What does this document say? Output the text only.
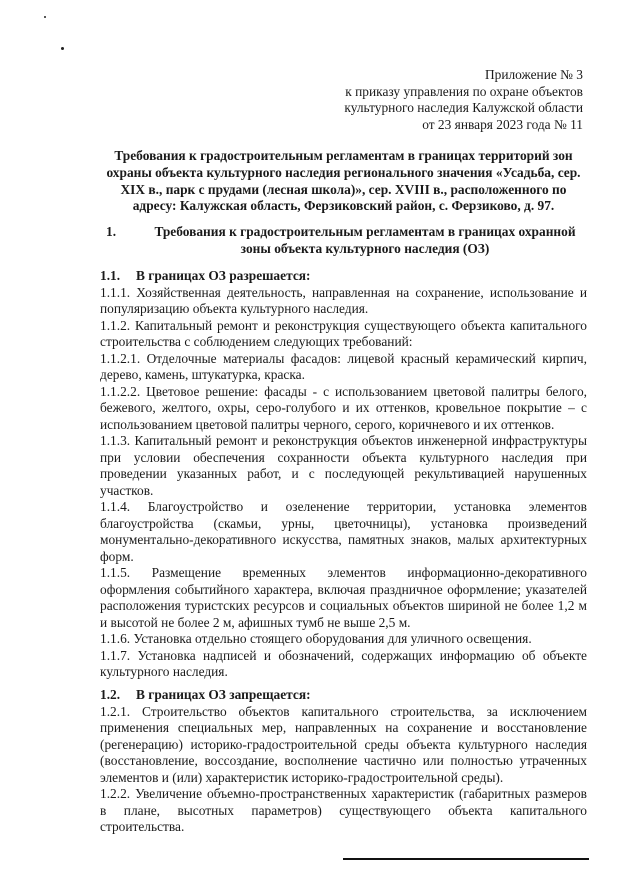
Приложение № 3
к приказу управления по охране объектов
культурного наследия Калужской области
от 23 января 2023 года № 11
Требования к градостроительным регламентам в границах территорий зон охраны объекта культурного наследия регионального значения «Усадьба, сер. XIX в., парк с прудами (леcная школа)», сер. XVIII в., расположенного по адресу: Калужская область, Ферзиковский район, с. Ферзиково, д. 97.
1.	Требования к градостроительным регламентам в границах охранной зоны объекта культурного наследия (ОЗ)

1.1. В границах ОЗ разрешается:

1.1.1. Хозяйственная деятельность, направленная на сохранение, использование и популяризацию объекта культурного наследия.

1.1.2. Капитальный ремонт и реконструкция существующего объекта капитального строительства с соблюдением следующих требований:

1.1.2.1. Отделочные материалы фасадов: лицевой красный керамический кирпич, дерево, камень, штукатурка, краска.

1.1.2.2. Цветовое решение: фасады - с использованием цветовой палитры белого, бежевого, желтого, охры, серо-голубого и их оттенков, кровельное покрытие – с использованием цветовой палитры черного, серого, коричневого и их оттенков.

1.1.3. Капитальный ремонт и реконструкция объектов инженерной инфраструктуры при условии обеспечения сохранности объекта культурного наследия при проведении указанных работ, и с последующей рекультивацией нарушенных участков.

1.1.4. Благоустройство и озеленение территории, установка элементов благоустройства (скамьи, урны, цветочницы), установка произведений монументально-декоративного искусства, памятных знаков, малых архитектурных форм.

1.1.5. Размещение временных элементов информационно-декоративного оформления событийного характера, включая праздничное оформление; указателей расположения туристских ресурсов и социальных объектов шириной не более 1,2 м и высотой не более 2 м, афишных тумб не выше 2,5 м.

1.1.6. Установка отдельно стоящего оборудования для уличного освещения.

1.1.7. Установка надписей и обозначений, содержащих информацию об объекте культурного наследия.

1.2. В границах ОЗ запрещается:

1.2.1. Строительство объектов капитального строительства, за исключением применения специальных мер, направленных на сохранение и восстановление (регенерацию) историко-градостроительной среды объекта культурного наследия (восстановление, воссоздание, восполнение частично или полностью утраченных элементов и (или) характеристик историко-градостроительной среды).

1.2.2. Увеличение объемно-пространственных характеристик (габаритных размеров в плане, высотных параметров) существующего объекта капитального строительства.
